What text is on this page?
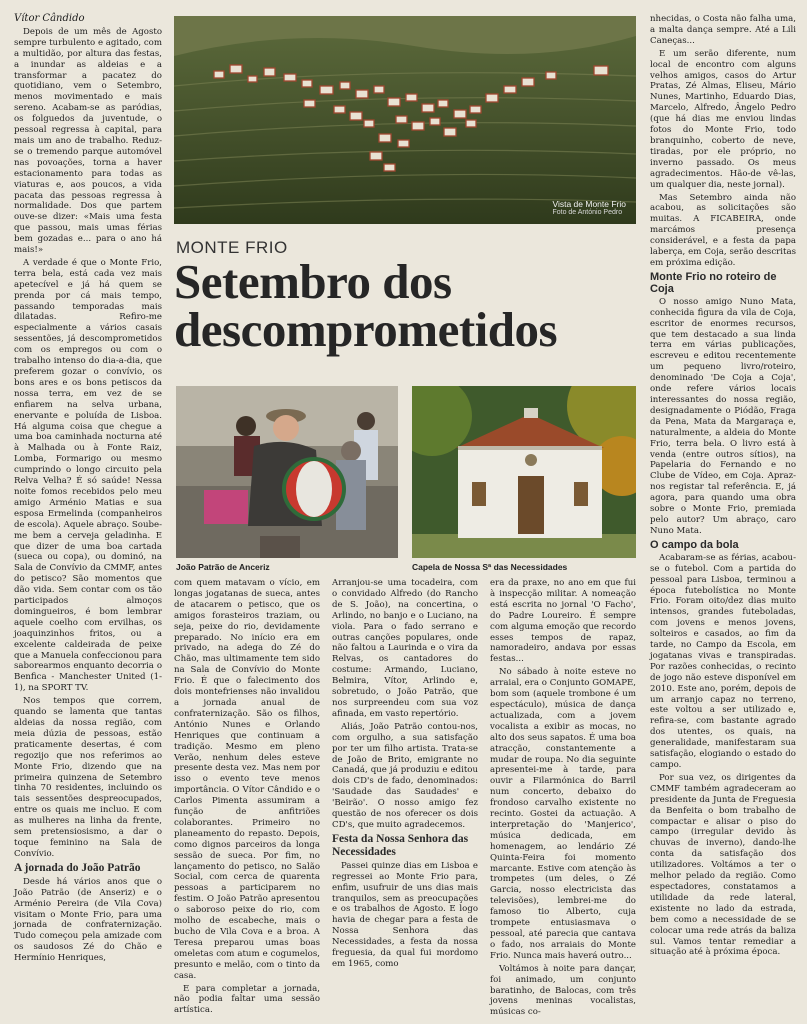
Vítor Cândido

Depois de um mês de Agosto sempre turbulento e agitado, com a multidão, por altura das festas, a inundar as aldeias e a transformar a pacatez do quotidiano, vem o Setembro, menos movimentado e mais sereno. Acabam-se as paródias, os folguedos da juventude, o pessoal regressa à capital, para mais um ano de trabalho. Reduz-se o tremendo parque automóvel nas povoações, torna a haver estacionamento para todas as viaturas e, aos poucos, a vida pacata das pessoas regressa à normalidade. Dos que partem ouve-se dizer: «Mais uma festa que passou, mais umas férias bem gozadas e... para o ano há mais!»

A verdade é que o Monte Frio, terra bela, está cada vez mais apetecível e já há quem se prenda por cá mais tempo, passando temporadas mais dilatadas. Refiro-me especialmente a vários casais sessentões, já descomprometidos com os empregos ou com o trabalho intenso do dia-a-dia, que preferem gozar o convívio, os bons ares e os bons petiscos da nossa terra, em vez de se enfiarem na selva urbana, enervante e poluída de Lisboa. Há alguma coisa que chegue a uma boa caminhada nocturna até à Malhada ou à Fonte Raiz, Lomba, Formarigo ou mesmo cumprindo o longo circuito pela Relva Velha? É só saúde! Nessa noite fomos recebidos pelo meu amigo Arménio Matias e sua esposa Ermelinda (companheiros de escola). Aquele abraço. Soube-me bem a cerveja geladinha. E que dizer de uma boa cartada (sueca ou copa), ou dominó, na Sala de Convívio da CMMF, antes do petisco? São momentos que dão vida. Sem contar com os tão participados almoços domingueiros, é bom lembrar aquele coelho com ervilhas, os joaquinzinhos fritos, ou a excelente caldeirada de peixe que a Manuela confeccionou para saborearmos enquanto decorria o Benfica - Manchester United (1-1), na SPORT TV.

Nos tempos que correm, quando se lamenta que tantas aldeias da nossa região, com meia dúzia de pessoas, estão praticamente desertas, é com regozijo que nos referimos ao Monte Frio, dizendo que na primeira quinzena de Setembro tinha 70 residentes, incluindo os tais sessentões despreocupados, entre os quais me incluo. E com as mulheres na linha da frente, sem pretensiosismo, a dar o toque feminino na Sala de Convívio.

A jornada do João Patrão

Desde há vários anos que o João Patrão (de Anseriz) e o Arménio Pereira (de Vila Cova) visitam o Monte Frio, para uma jornada de confraternização. Tudo começou pela amizade com os saudosos Zé do Chão e Hermínio Henriques,

Vista de Monte Frio
Foto de António Pedro
MONTE FRIO
Setembro dos descomprometidos
João Patrão de Anceriz	Capela de Nossa Sª das Necessidades

com quem matavam o vício, em longas jogatanas de sueca, antes de atacarem o petisco, que os amigos forasteiros traziam, ou seja, peixe do rio, devidamente preparado. No início era em privado, na adega do Zé do Chão, mas ultimamente tem sido na Sala de Convívio do Monte Frio. É que o falecimento dos dois montefrienses não invalidou a jornada anual de confraternização. São os filhos, António Nunes e Orlando Henriques que continuam a tradição. Mesmo em pleno Verão, nenhum deles esteve presente desta vez. Mas nem por isso o evento teve menos importância. O Vítor Cândido e o Carlos Pimenta assumiram a função de anfitriões colaborantes. Primeiro no planeamento do repasto. Depois, como dignos parceiros da longa sessão de sueca. Por fim, no lançamento do petisco, no Salão Social, com cerca de quarenta pessoas a participarem no festim. O João Patrão apresentou o saboroso peixe do rio, com molho de escabeche, mais o bucho de Vila Cova e a broa. A Teresa preparou umas boas omeletas com atum e cogumelos, presunto e melão, com o tinto da casa.

E para completar a jornada, não podia faltar uma sessão artística.

Arranjou-se uma tocadeira, com o convidado Alfredo (do Rancho de S. João), na concertina, o Arlindo, no banjo e o Luciano, na viola. Para o fado serrano e outras canções populares, onde não faltou a Laurinda e o vira da Relvas, os cantadores do costume: Armando, Luciano, Belmira, Vítor, Arlindo e, sobretudo, o João Patrão, que nos surpreendeu com sua voz afinada, em vasto repertório.

Aliás, João Patrão contou-nos, com orgulho, a sua satisfação por ter um filho artista. Trata-se de João de Brito, emigrante no Canadá, que já produziu e editou dois CD's de fado, denominados: 'Saudade das Saudades' e 'Beirão'. O nosso amigo fez questão de nos oferecer os dois CD's, que muito agradecemos.

Festa da Nossa Senhora das Necessidades

Passei quinze dias em Lisboa e regressei ao Monte Frio para, enfim, usufruir de uns dias mais tranquilos, sem as preocupações e os trabalhos de Agosto. E logo havia de chegar para a festa de Nossa Senhora das Necessidades, a festa da nossa freguesia, da qual fui mordomo em 1965, como

era da praxe, no ano em que fui à inspecção militar. A nomeação está escrita no jornal 'O Facho', do Padre Loureiro. É sempre com alguma emoção que recordo esses tempos de rapaz, namoradeiro, andava por essas festas...

No sábado à noite esteve no arraial, era o Conjunto GOMAPE, bom som (aquele trombone é um espectáculo), música de dança actualizada, com a jovem vocalista a exibir as mocas, no alto dos seus sapatos. É uma boa atracção, constantemente a mudar de roupa. No dia seguinte apresentei-me à tarde, para ouvir a Filarmónica do Barril num concerto, debaixo do frondoso carvalho existente no recinto. Gostei da actuação. A interpretação do 'Manjerico', música dedicada, em homenagem, ao lendário Zé Quinta-Feira foi momento marcante. Estive com atenção às trompetes (um deles, o Zé Garcia, nosso electricista das televisões), lembrei-me do famoso tio Alberto, cuja trompete entusiasmava o pessoal, até parecia que cantava o fado, nos arraiais do Monte Frio. Nunca mais haverá outro...

Voltámos à noite para dançar, foi animado, um conjunto baratinho, de Balocas, com três jovens meninas vocalistas, músicas co-

nhecidas, o Costa não falha uma, a malta dança sempre. Até a Lili Caneças...

E um serão diferente, num local de encontro com alguns velhos amigos, casos do Artur Pratas, Zé Almas, Eliseu, Mário Nunes, Martinho, Eduardo Dias, Marcelo, Alfredo, Ângelo Pedro (que há dias me enviou lindas fotos do Monte Frio, todo branquinho, coberto de neve, tiradas, por ele próprio, no inverno passado. Os meus agradecimentos. Hão-de vê-las, um qualquer dia, neste jornal).

Mas Setembro ainda não acabou, as solicitações são muitas. A FICABEIRA, onde marcámos presença considerável, e a festa da papa laberça, em Coja, serão descritas em próxima edição.

Monte Frio no roteiro de Coja

O nosso amigo Nuno Mata, conhecida figura da vila de Coja, escritor de enormes recursos, que tem destacado a sua linda terra em várias publicações, escreveu e editou recentemente um pequeno livro/roteiro, denominado 'De Coja a Coja', onde refere vários locais interessantes do nossa região, designadamente o Piódão, Fraga da Pena, Mata da Margaraça e, naturalmente, a aldeia do Monte Frio, terra bela. O livro está à venda (entre outros sítios), na Papelaria do Fernando e no Clube de Vídeo, em Coja. Apraz-nos registar tal referência. E, já agora, para quando uma obra sobre o Monte Frio, premiada pelo autor? Um abraço, caro Nuno Mata.

O campo da bola

Acabaram-se as férias, acabou-se o futebol. Com a partida do pessoal para Lisboa, terminou a época futebolística no Monte Frio. Foram oito/dez dias muito intensos, grandes futeboladas, com jovens e menos jovens, solteiros e casados, ao fim da tarde, no Campo da Escola, em jogatanas vivas e transpiradas. Por razões conhecidas, o recinto de jogo não esteve disponível em 2010. Este ano, porém, depois de um arranjo capaz no terreno, este voltou a ser utilizado e, refira-se, com bastante agrado dos utentes, os quais, na generalidade, manifestaram sua satisfação, elogiando o estado do campo.

Por sua vez, os dirigentes da CMMF também agradeceram ao presidente da Junta de Freguesia da Benfeita o bom trabalho de compactar e alisar o piso do campo (irregular devido às chuvas de inverno), dando-lhe conta da satisfação dos utilizadores. Voltámos a ter o melhor pelado da região. Como espectadores, constatamos a utilidade da rede lateral, existente no lado da estrada, bem como a necessidade de se colocar uma rede atrás da baliza sul. Vamos tentar remediar a situação até à próxima época.
